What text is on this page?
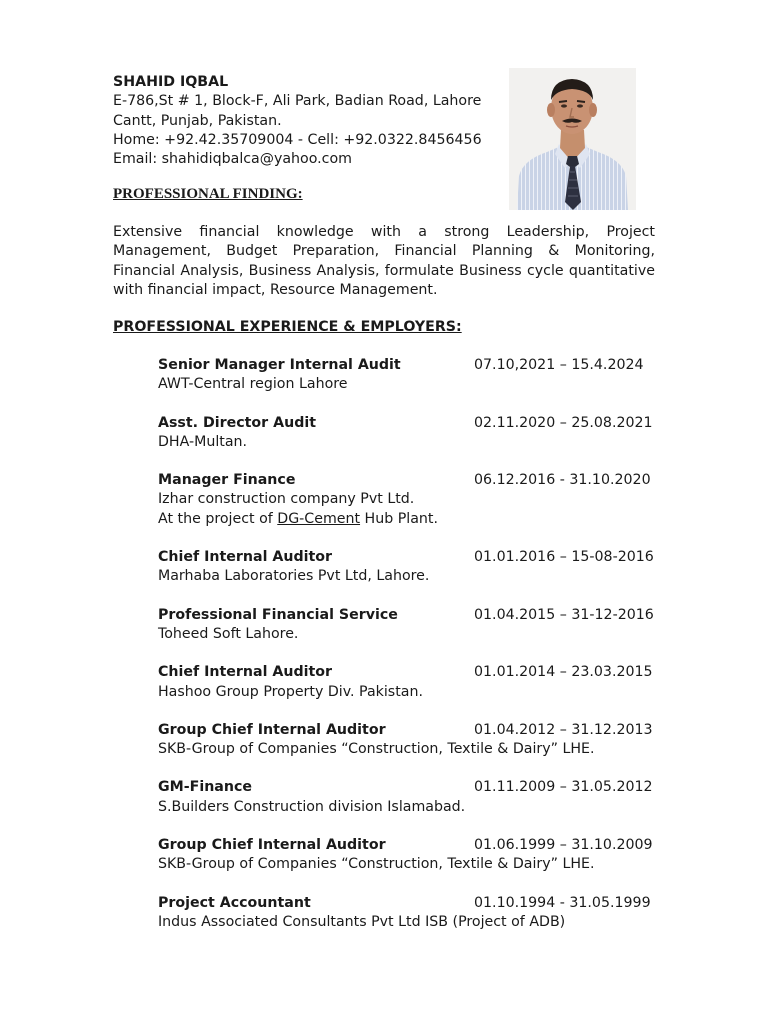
SHAHID IQBAL
E-786,St # 1, Block-F, Ali Park, Badian Road, Lahore
Cantt, Punjab, Pakistan.
Home: +92.42.35709004 - Cell: +92.0322.8456456
Email: shahidiqbalca@yahoo.com
PROFESSIONAL FINDING:
Extensive financial knowledge with a strong Leadership, Project Management, Budget Preparation, Financial Planning & Monitoring, Financial Analysis, Business Analysis, formulate Business cycle quantitative with financial impact, Resource Management.
PROFESSIONAL EXPERIENCE & EMPLOYERS:
Senior Manager Internal Audit	07.10,2021 – 15.4.2024
AWT-Central region Lahore
Asst. Director Audit	02.11.2020 – 25.08.2021
DHA-Multan.
Manager Finance	06.12.2016 - 31.10.2020
Izhar construction company Pvt Ltd.
At the project of DG-Cement Hub Plant.
Chief Internal Auditor	01.01.2016 – 15-08-2016
Marhaba Laboratories Pvt Ltd, Lahore.
Professional Financial Service	01.04.2015 – 31-12-2016
Toheed Soft Lahore.
Chief Internal Auditor	01.01.2014 – 23.03.2015
Hashoo Group Property Div. Pakistan.
Group Chief Internal Auditor	01.04.2012 – 31.12.2013
SKB-Group of Companies “Construction, Textile & Dairy” LHE.
GM-Finance	01.11.2009 – 31.05.2012
S.Builders Construction division Islamabad.
Group Chief Internal Auditor	01.06.1999 – 31.10.2009
SKB-Group of Companies “Construction, Textile & Dairy” LHE.
Project Accountant	01.10.1994 - 31.05.1999
Indus Associated Consultants Pvt Ltd ISB (Project of ADB)
